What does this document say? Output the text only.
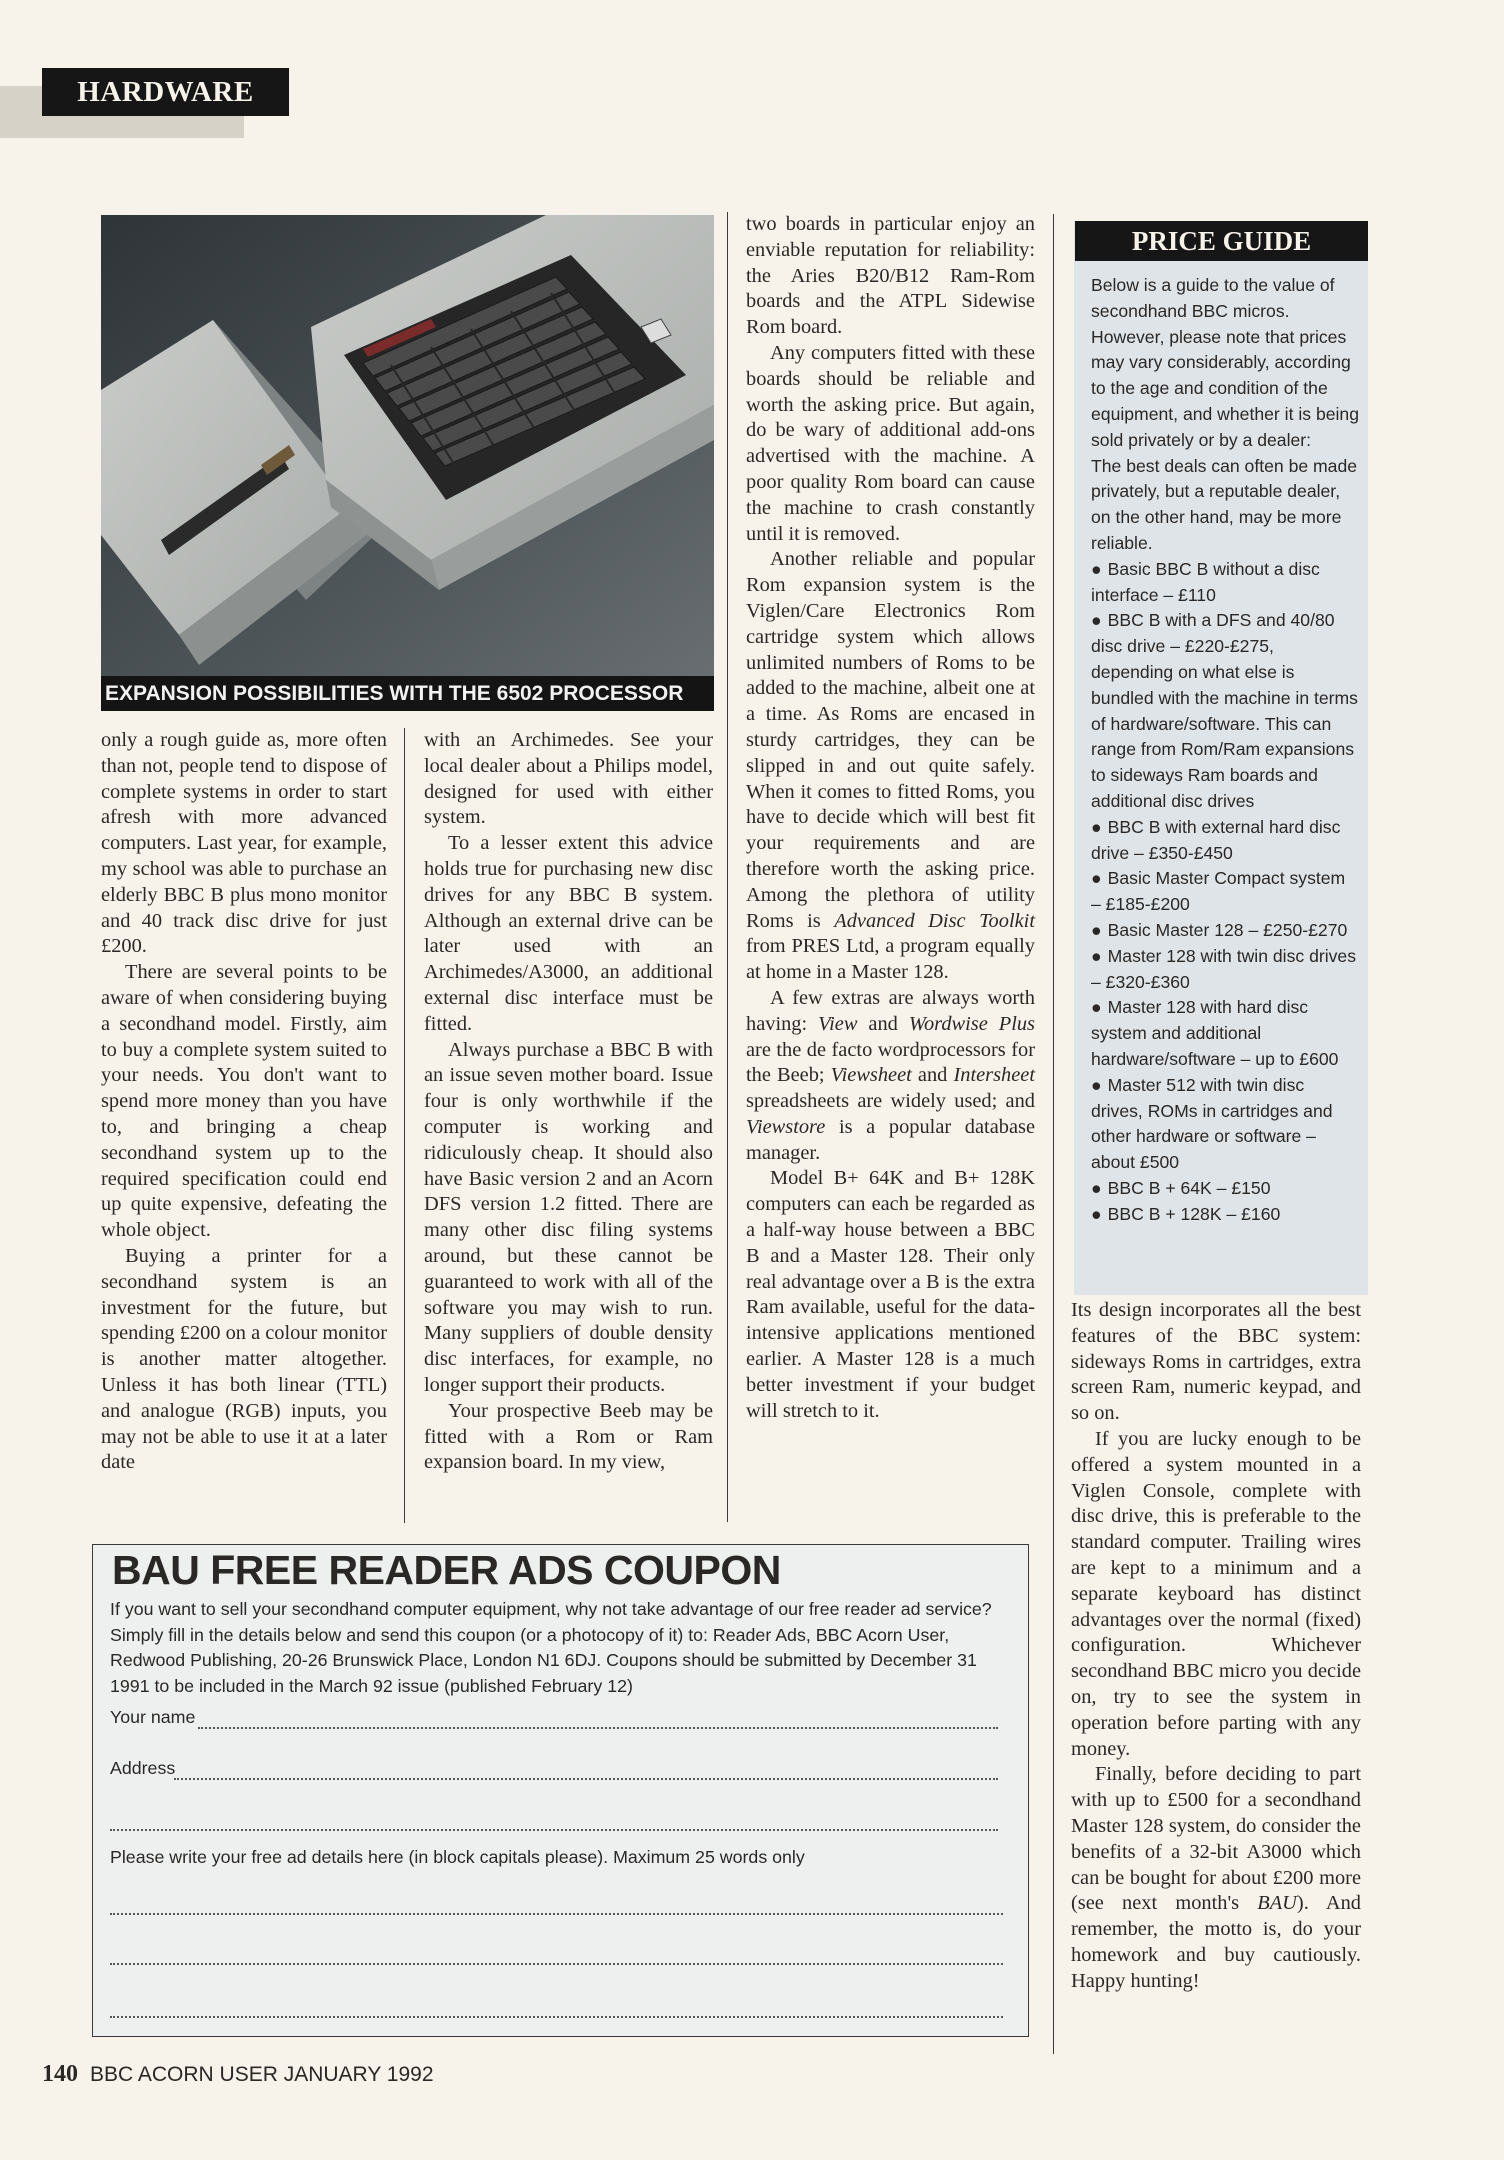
HARDWARE
EXPANSION POSSIBILITIES WITH THE 6502 PROCESSOR

only a rough guide as, more often than not, people tend to dispose of complete systems in order to start afresh with more advanced computers. Last year, for example, my school was able to purchase an elderly BBC B plus mono monitor and 40 track disc drive for just £200.

There are several points to be aware of when considering buying a secondhand model. Firstly, aim to buy a complete system suited to your needs. You don't want to spend more money than you have to, and bringing a cheap secondhand system up to the required specification could end up quite expensive, defeating the whole object.

Buying a printer for a secondhand system is an investment for the future, but spending £200 on a colour monitor is another matter altogether. Unless it has both linear (TTL) and analogue (RGB) inputs, you may not be able to use it at a later date

with an Archimedes. See your local dealer about a Philips model, designed for used with either system.

To a lesser extent this advice holds true for purchasing new disc drives for any BBC B system. Although an external drive can be later used with an Archimedes/A3000, an additional external disc interface must be fitted.

Always purchase a BBC B with an issue seven mother board. Issue four is only worthwhile if the computer is working and ridiculously cheap. It should also have Basic version 2 and an Acorn DFS version 1.2 fitted. There are many other disc filing systems around, but these cannot be guaranteed to work with all of the software you may wish to run. Many suppliers of double density disc interfaces, for example, no longer support their products.

Your prospective Beeb may be fitted with a Rom or Ram expansion board. In my view,

two boards in particular enjoy an enviable reputation for reliability: the Aries B20/B12 Ram-Rom boards and the ATPL Sidewise Rom board.

Any computers fitted with these boards should be reliable and worth the asking price. But again, do be wary of additional add-ons advertised with the machine. A poor quality Rom board can cause the machine to crash constantly until it is removed.

Another reliable and popular Rom expansion system is the Viglen/Care Electronics Rom cartridge system which allows unlimited numbers of Roms to be added to the machine, albeit one at a time. As Roms are encased in sturdy cartridges, they can be slipped in and out quite safely. When it comes to fitted Roms, you have to decide which will best fit your requirements and are therefore worth the asking price. Among the plethora of utility Roms is Advanced Disc Toolkit from PRES Ltd, a program equally at home in a Master 128.

A few extras are always worth having: View and Wordwise Plus are the de facto wordprocessors for the Beeb; Viewsheet and Intersheet spreadsheets are widely used; and Viewstore is a popular database manager.

Model B+ 64K and B+ 128K computers can each be regarded as a half-way house between a BBC B and a Master 128. Their only real advantage over a B is the extra Ram available, useful for the data-intensive applications mentioned earlier. A Master 128 is a much better investment if your budget will stretch to it.

PRICE GUIDE

Below is a guide to the value of secondhand BBC micros. However, please note that prices may vary considerably, according to the age and condition of the equipment, and whether it is being sold privately or by a dealer:

The best deals can often be made privately, but a reputable dealer, on the other hand, may be more reliable.

● Basic BBC B without a disc interface – £110
● BBC B with a DFS and 40/80 disc drive – £220-£275, depending on what else is bundled with the machine in terms of hardware/software. This can range from Rom/Ram expansions to sideways Ram boards and additional disc drives
● BBC B with external hard disc drive – £350-£450
● Basic Master Compact system – £185-£200
● Basic Master 128 – £250-£270
● Master 128 with twin disc drives – £320-£360
● Master 128 with hard disc system and additional hardware/software – up to £600
● Master 512 with twin disc drives, ROMs in cartridges and other hardware or software – about £500
● BBC B + 64K – £150
● BBC B + 128K – £160

Its design incorporates all the best features of the BBC system: sideways Roms in cartridges, extra screen Ram, numeric keypad, and so on.

If you are lucky enough to be offered a system mounted in a Viglen Console, complete with disc drive, this is preferable to the standard computer. Trailing wires are kept to a minimum and a separate keyboard has distinct advantages over the normal (fixed) configuration. Whichever secondhand BBC micro you decide on, try to see the system in operation before parting with any money.

Finally, before deciding to part with up to £500 for a secondhand Master 128 system, do consider the benefits of a 32-bit A3000 which can be bought for about £200 more (see next month's BAU). And remember, the motto is, do your homework and buy cautiously. Happy hunting!

BAU FREE READER ADS COUPON
If you want to sell your secondhand computer equipment, why not take advantage of our free reader ad service? Simply fill in the details below and send this coupon (or a photocopy of it) to: Reader Ads, BBC Acorn User, Redwood Publishing, 20-26 Brunswick Place, London N1 6DJ. Coupons should be submitted by December 31 1991 to be included in the March 92 issue (published February 12)
Your name
Address
Please write your free ad details here (in block capitals please). Maximum 25 words only
140 BBC ACORN USER JANUARY 1992
